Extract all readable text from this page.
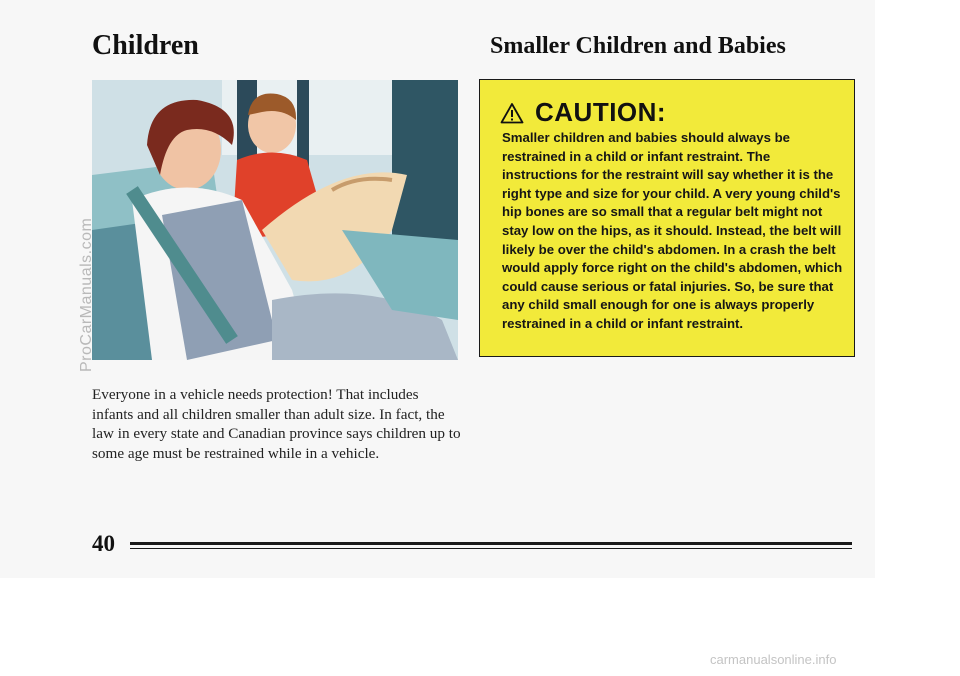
Children	Smaller Children and Babies
ProCarManuals.com

Everyone in a vehicle needs protection! That includes infants and all children smaller than adult size. In fact, the law in every state and Canadian province says children up to some age must be restrained while in a vehicle.

CAUTION:

Smaller children and babies should always be restrained in a child or infant restraint. The instructions for the restraint will say whether it is the right type and size for your child. A very young child's hip bones are so small that a regular belt might not stay low on the hips, as it should. Instead, the belt will likely be over the child's abdomen. In a crash the belt would apply force right on the child's abdomen, which could cause serious or fatal injuries. So, be sure that any child small enough for one is always properly restrained in a child or infant restraint.

40
carmanualsonline.info
